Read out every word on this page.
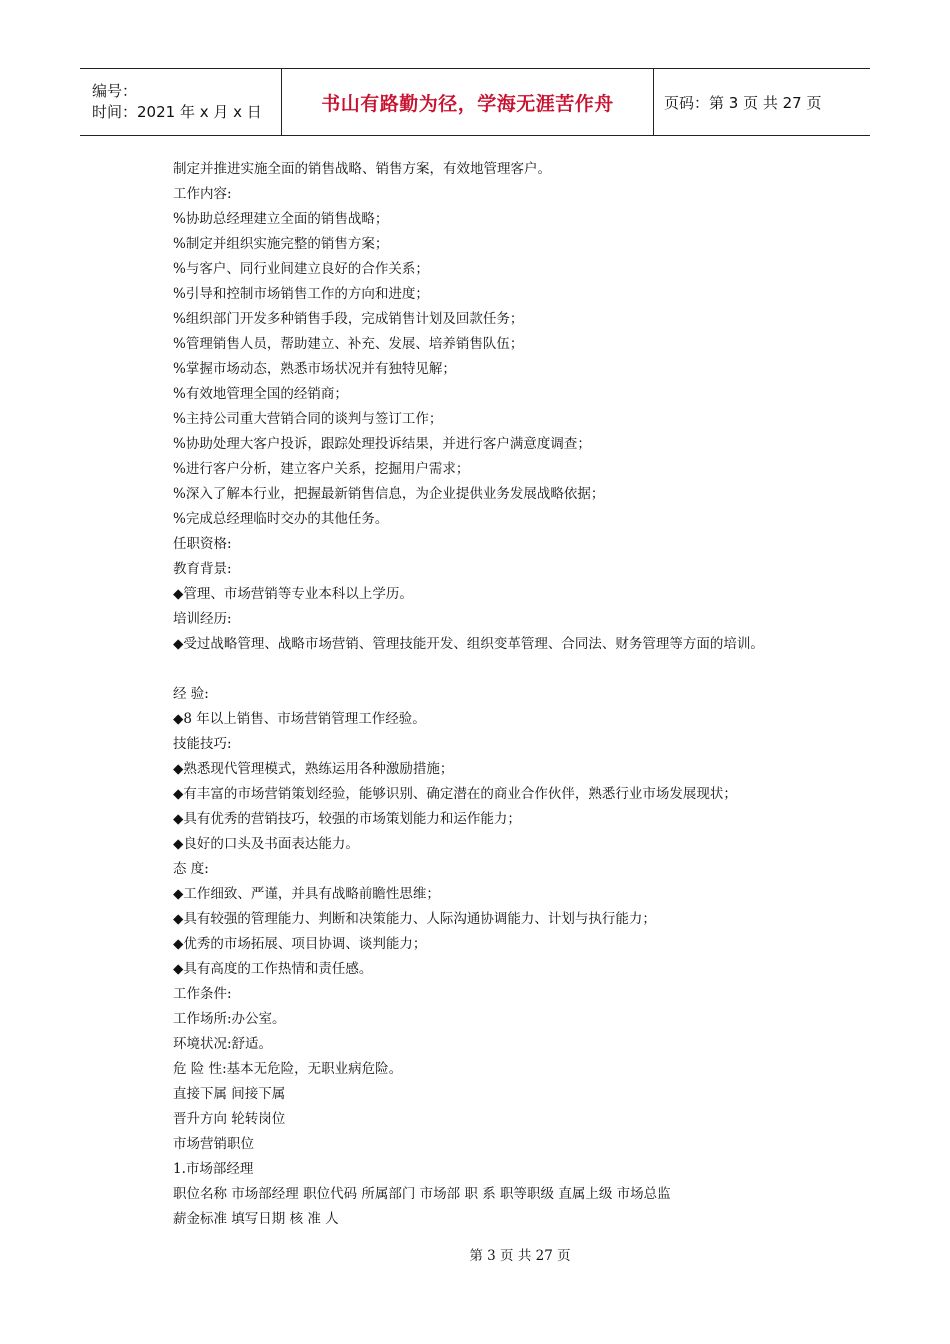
编号：
时间：2021 年 x 月 x 日	书山有路勤为径，学海无涯苦作舟	页码：第 3 页 共 27 页
制定并推进实施全面的销售战略、销售方案，有效地管理客户。
工作内容:
%协助总经理建立全面的销售战略；
%制定并组织实施完整的销售方案；
%与客户、同行业间建立良好的合作关系；
%引导和控制市场销售工作的方向和进度；
%组织部门开发多种销售手段，完成销售计划及回款任务；
%管理销售人员，帮助建立、补充、发展、培养销售队伍；
%掌握市场动态，熟悉市场状况并有独特见解；
%有效地管理全国的经销商；
%主持公司重大营销合同的谈判与签订工作；
%协助处理大客户投诉，跟踪处理投诉结果，并进行客户满意度调查；
%进行客户分析，建立客户关系，挖掘用户需求；
%深入了解本行业，把握最新销售信息，为企业提供业务发展战略依据；
%完成总经理临时交办的其他任务。
任职资格:
教育背景:
◆管理、市场营销等专业本科以上学历。
培训经历:
◆受过战略管理、战略市场营销、管理技能开发、组织变革管理、合同法、财务管理等方面的培训。
经 验:
◆8 年以上销售、市场营销管理工作经验。
技能技巧:
◆熟悉现代管理模式，熟练运用各种激励措施；
◆有丰富的市场营销策划经验，能够识别、确定潜在的商业合作伙伴，熟悉行业市场发展现状；
◆具有优秀的营销技巧，较强的市场策划能力和运作能力；
◆良好的口头及书面表达能力。
态 度:
◆工作细致、严谨，并具有战略前瞻性思维；
◆具有较强的管理能力、判断和决策能力、人际沟通协调能力、计划与执行能力；
◆优秀的市场拓展、项目协调、谈判能力；
◆具有高度的工作热情和责任感。
工作条件:
工作场所:办公室。
环境状况:舒适。
危 险 性:基本无危险，无职业病危险。
直接下属 间接下属
晋升方向 轮转岗位
市场营销职位
1.市场部经理
职位名称 市场部经理 职位代码 所属部门 市场部 职 系 职等职级 直属上级 市场总监
薪金标准 填写日期 核 准 人
第 3 页 共 27 页
